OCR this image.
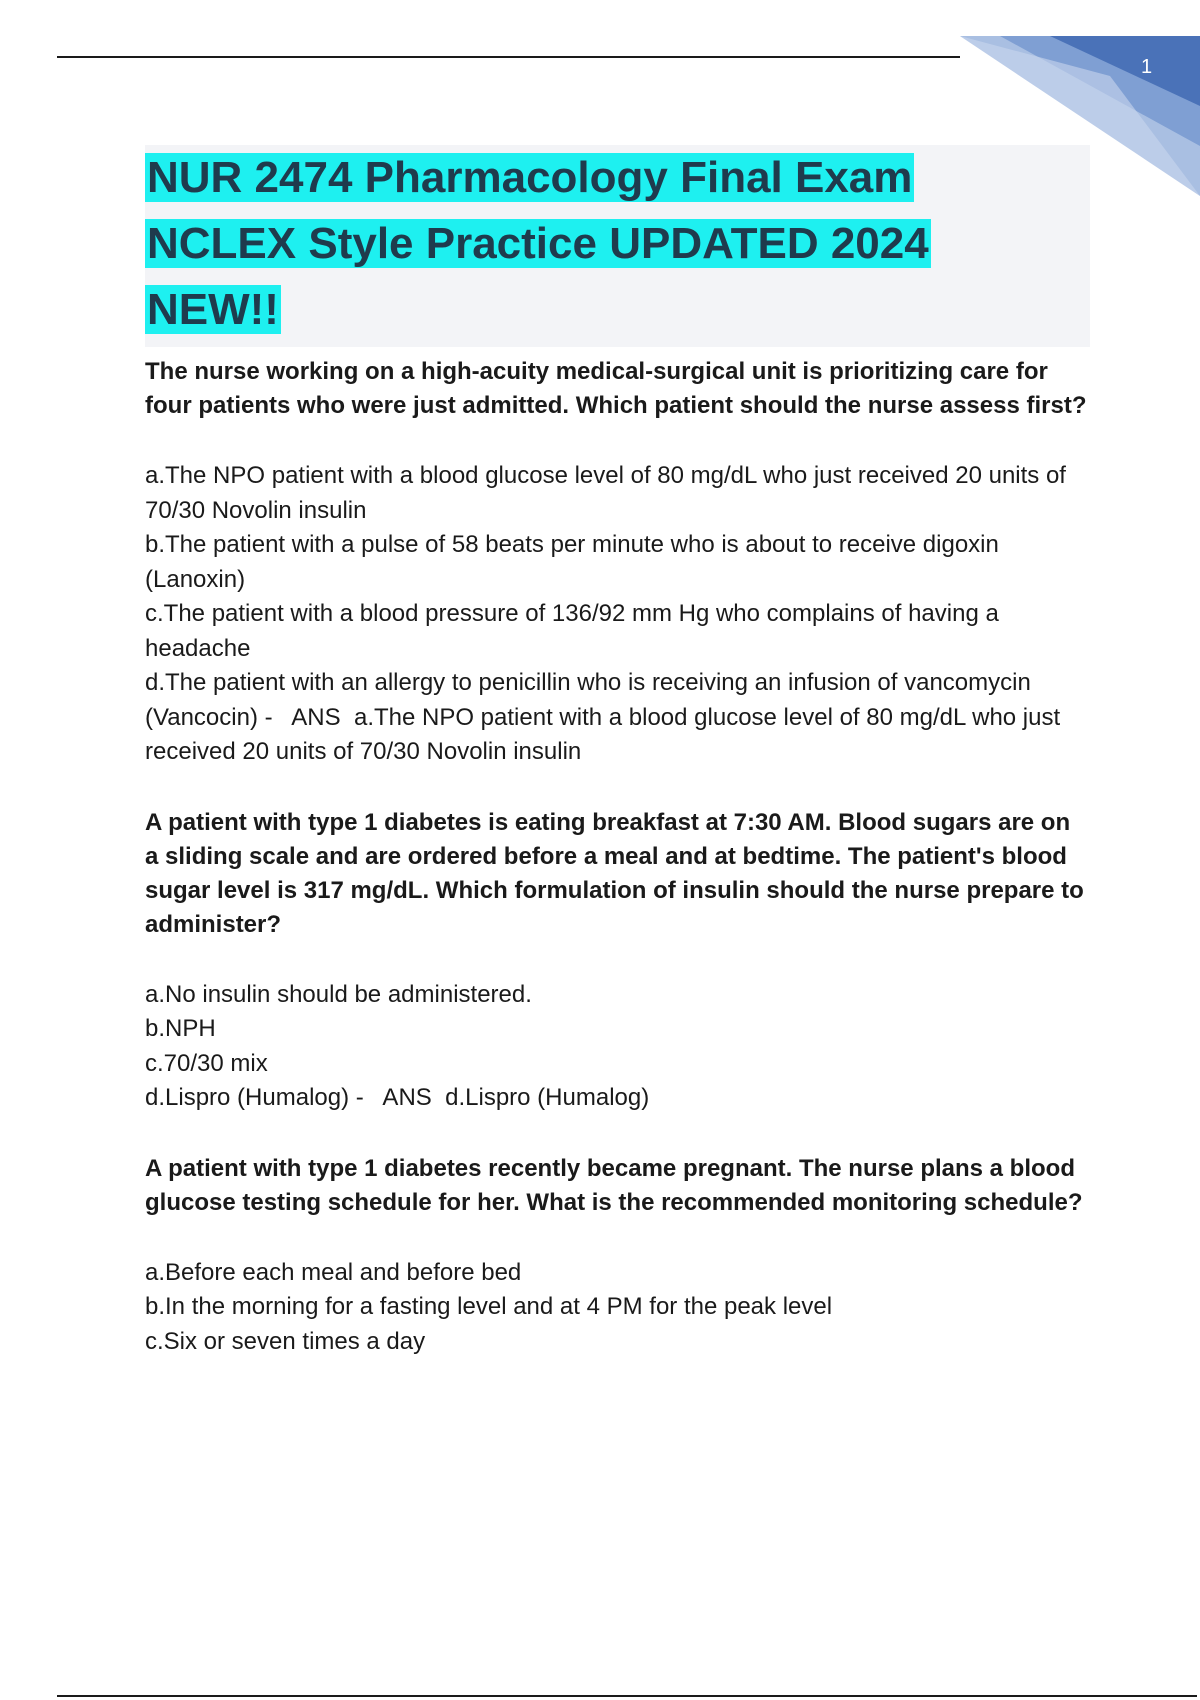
1
NUR 2474 Pharmacology Final Exam
NCLEX Style Practice UPDATED 2024
NEW!!

The nurse working on a high-acuity medical-surgical unit is prioritizing care for four patients who were just admitted. Which patient should the nurse assess first?

a.The NPO patient with a blood glucose level of 80 mg/dL who just received 20 units of 70/30 Novolin insulin

b.The patient with a pulse of 58 beats per minute who is about to receive digoxin (Lanoxin)

c.The patient with a blood pressure of 136/92 mm Hg who complains of having a headache

d.The patient with an allergy to penicillin who is receiving an infusion of vancomycin (Vancocin) -   ANS  a.The NPO patient with a blood glucose level of 80 mg/dL who just received 20 units of 70/30 Novolin insulin

A patient with type 1 diabetes is eating breakfast at 7:30 AM. Blood sugars are on a sliding scale and are ordered before a meal and at bedtime. The patient's blood sugar level is 317 mg/dL. Which formulation of insulin should the nurse prepare to administer?

a.No insulin should be administered.

b.NPH

c.70/30 mix

d.Lispro (Humalog) -   ANS  d.Lispro (Humalog)

A patient with type 1 diabetes recently became pregnant. The nurse plans a blood glucose testing schedule for her. What is the recommended monitoring schedule?

a.Before each meal and before bed

b.In the morning for a fasting level and at 4 PM for the peak level

c.Six or seven times a day
